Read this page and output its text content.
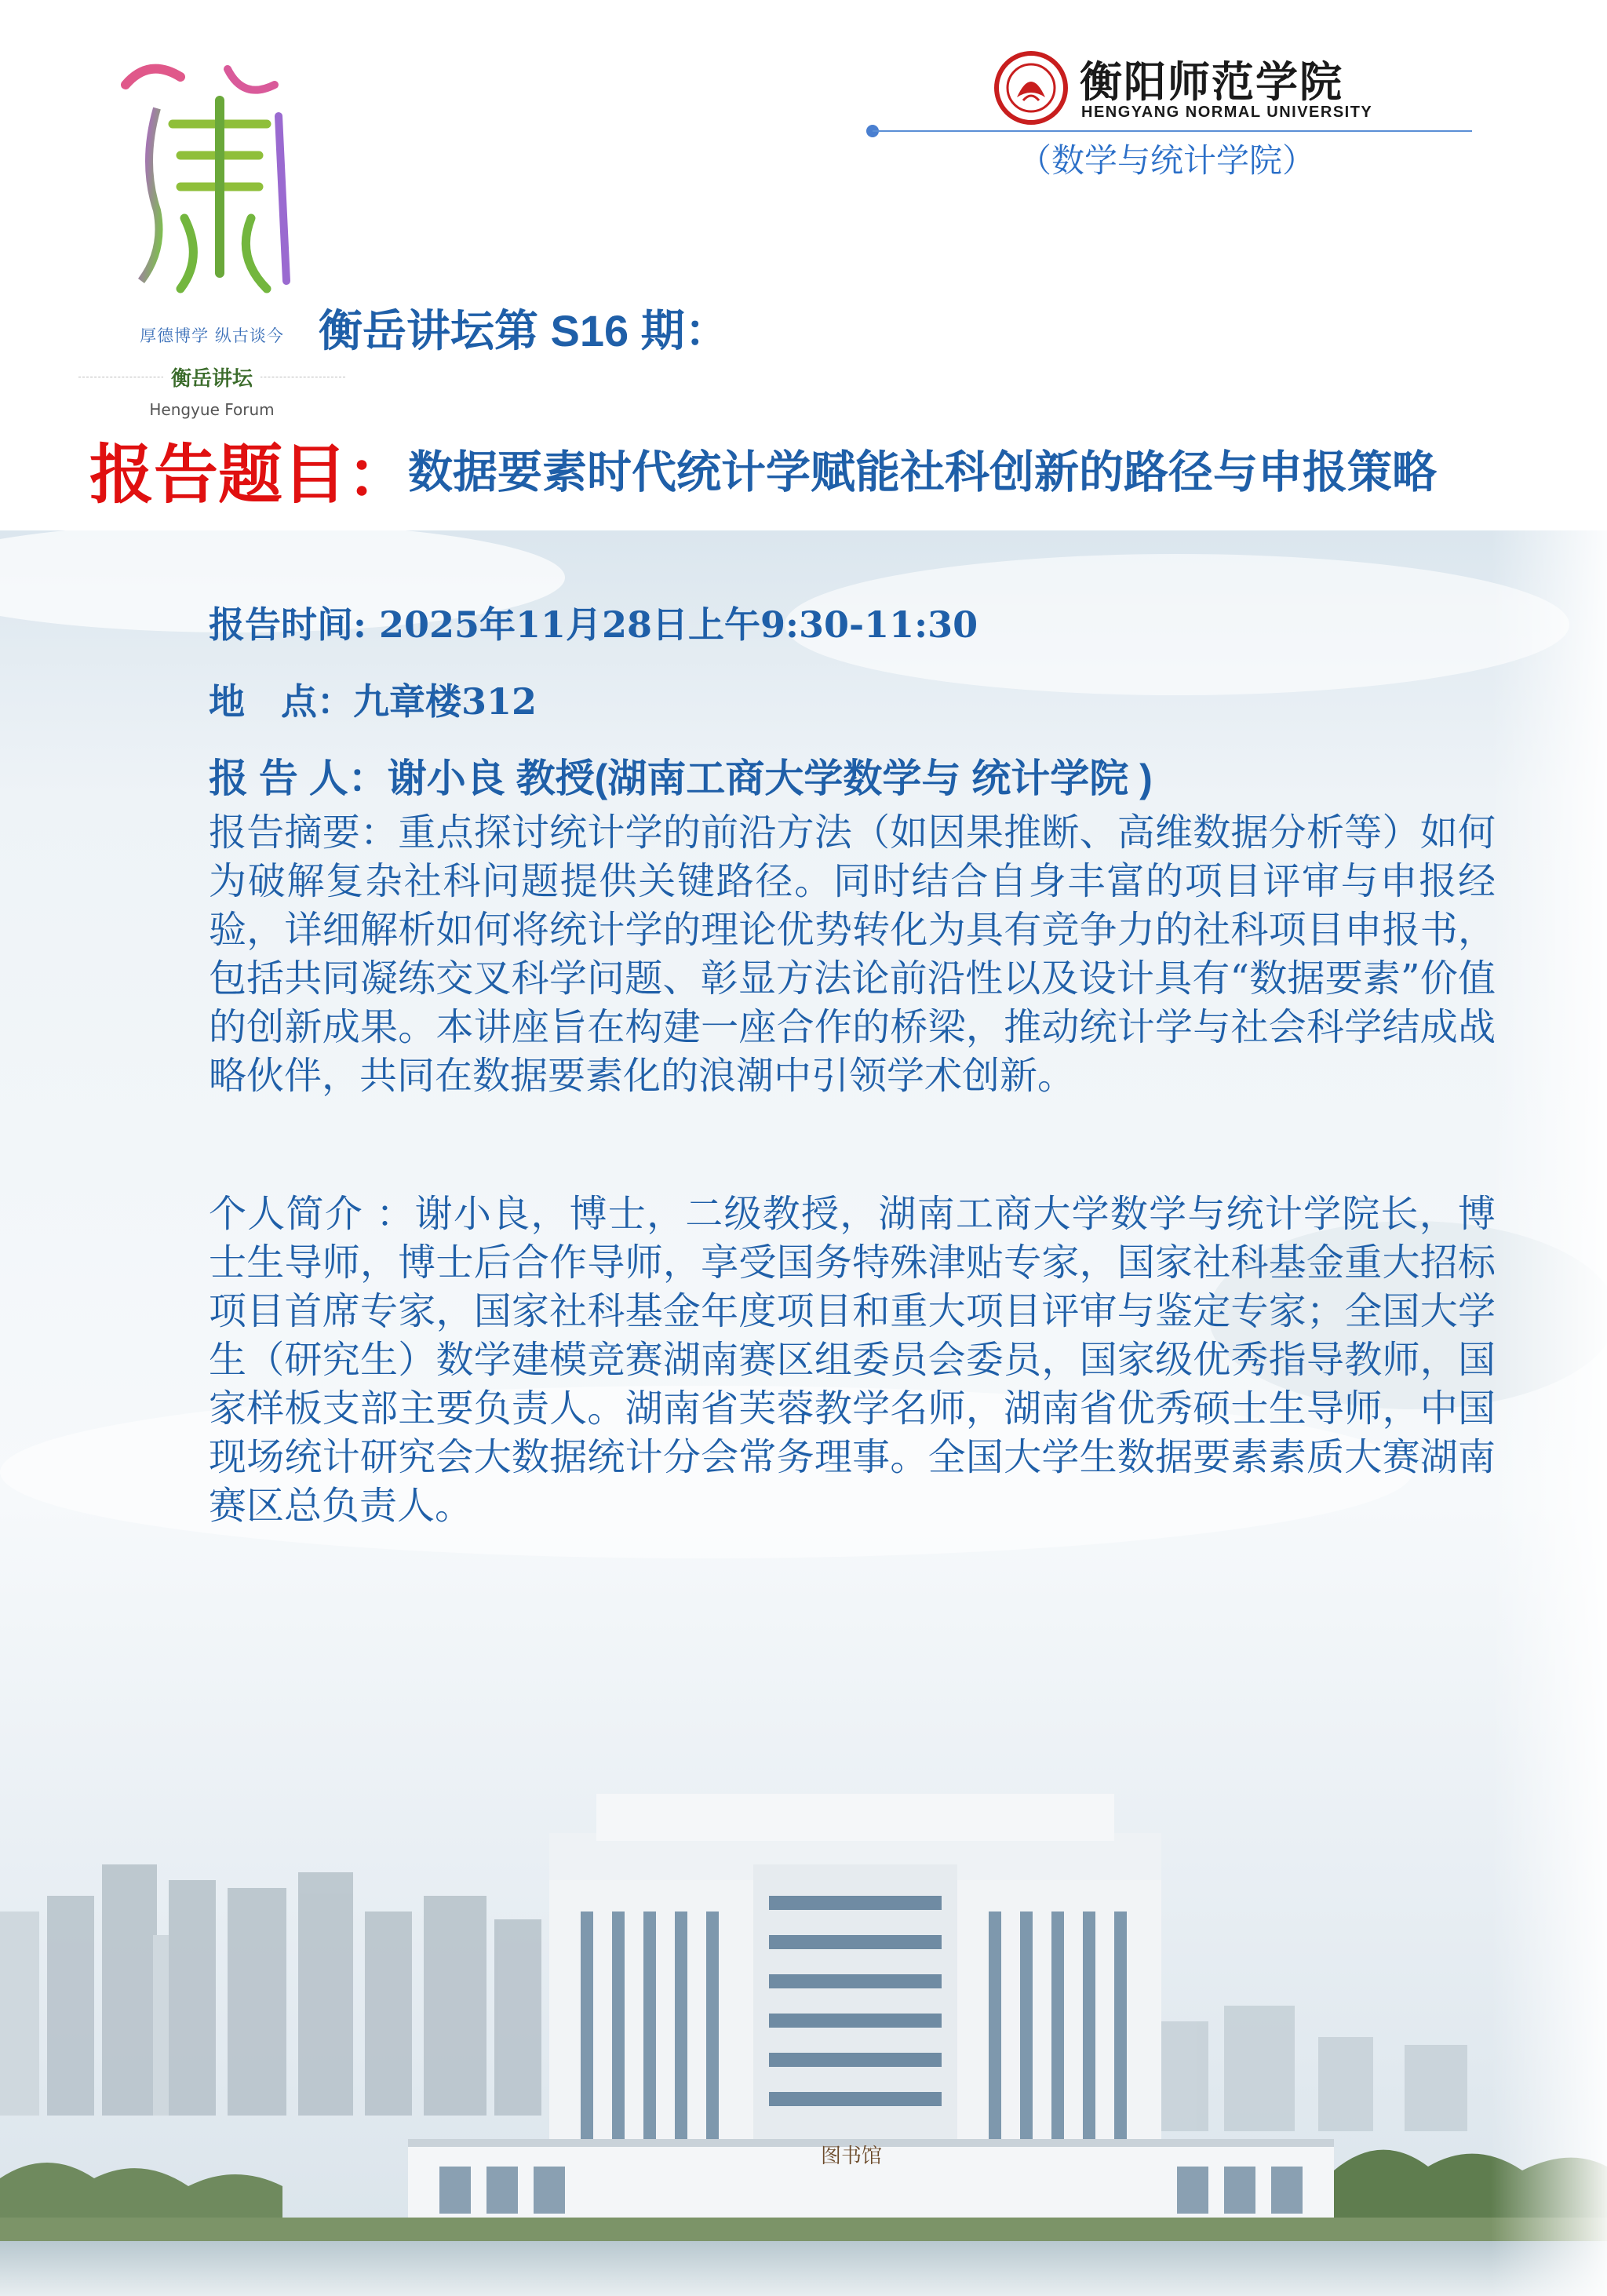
厚德博学 纵古谈今
衡岳讲坛
Hengyue Forum
衡阳师范学院
HENGYANG NORMAL UNIVERSITY
（数学与统计学院）
衡岳讲坛第 S16 期：
报告题目：
数据要素时代统计学赋能社科创新的路径与申报策略
图书馆
报告时间: 2025年11月28日上午9:30-11:30
地　点：九章楼312
报 告 人：谢小良 教授(湖南工商大学数学与 统计学院 )
报告摘要：重点探讨统计学的前沿方法（如因果推断、高维数据分析等）如何为破解复杂社科问题提供关键路径。同时结合自身丰富的项目评审与申报经验，详细解析如何将统计学的理论优势转化为具有竞争力的社科项目申报书，包括共同凝练交叉科学问题、彰显方法论前沿性以及设计具有“数据要素”价值的创新成果。本讲座旨在构建一座合作的桥梁，推动统计学与社会科学结成战略伙伴，共同在数据要素化的浪潮中引领学术创新。
个人简介 ：谢小良，博士，二级教授，湖南工商大学数学与统计学院长，博士生导师，博士后合作导师，享受国务特殊津贴专家，国家社科基金重大招标项目首席专家，国家社科基金年度项目和重大项目评审与鉴定专家；全国大学生（研究生）数学建模竞赛湖南赛区组委员会委员，国家级优秀指导教师，国家样板支部主要负责人。湖南省芙蓉教学名师，湖南省优秀硕士生导师，中国现场统计研究会大数据统计分会常务理事。全国大学生数据要素素质大赛湖南赛区总负责人。
